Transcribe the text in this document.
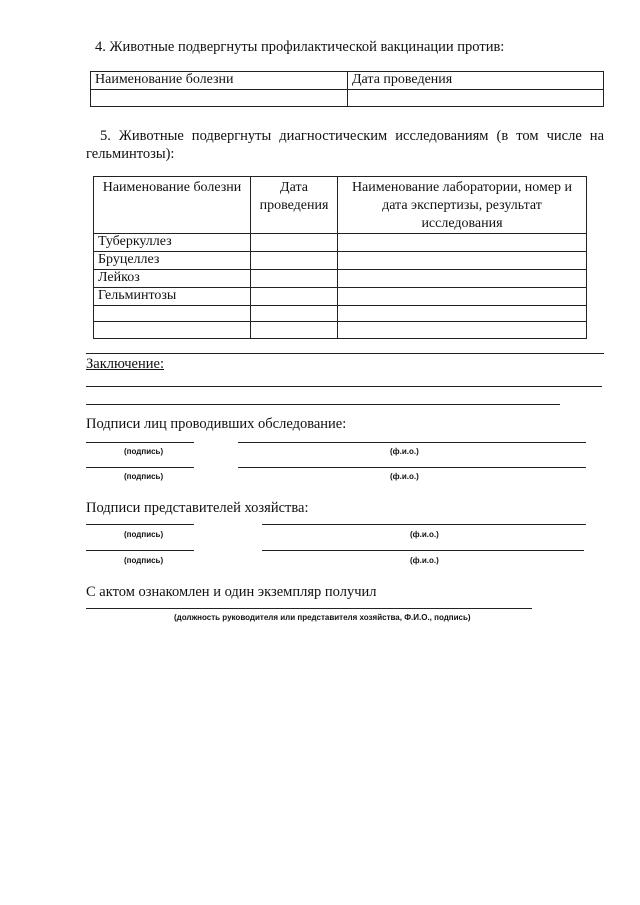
4. Животные подвергнуты профилактической вакцинации против:
Наименование болезни	Дата проведения

5. Животные подвергнуты диагностическим исследованиям (в том числе на
гельминтозы):
Наименование болезни	Дата проведения	Наименование лаборатории, номер и дата экспертизы, результат исследования
Туберкуллез		
Бруцеллез		
Лейкоз		
Гельминтозы		

Заключение:
Подписи лиц проводивших обследование:
(подпись)	(ф.и.о.)
(подпись)	(ф.и.о.)
Подписи представителей хозяйства:
(подпись)	(ф.и.о.)
(подпись)	(ф.и.о.)
С актом ознакомлен и один экземпляр получил
(должность руководителя или представителя хозяйства, Ф.И.О., подпись)
